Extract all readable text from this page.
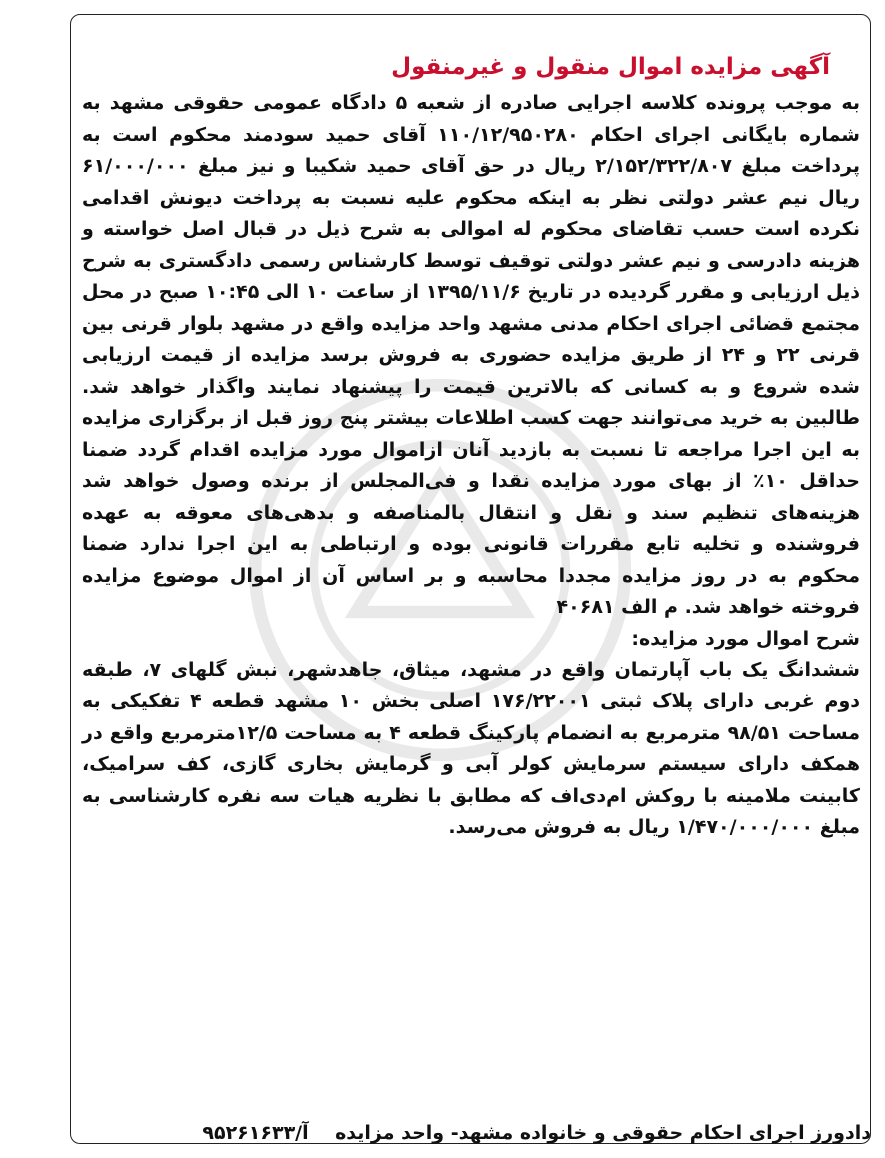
آگهی مزایده اموال منقول و غیرمنقول

به موجب پرونده کلاسه اجرایی صادره از شعبه ۵ دادگاه عمومی حقوقی مشهد به شماره بایگانی اجرای احکام ۱۱۰/۱۲/۹۵۰۲۸۰ آقای حمید سودمند محکوم است به پرداخت مبلغ ۲/۱۵۲/۳۲۲/۸۰۷ ریال در حق آقای حمید شکیبا و نیز مبلغ ۶۱/۰۰۰/۰۰۰ ریال نیم عشر دولتی نظر به اینکه محکوم علیه نسبت به پرداخت دیونش اقدامی نکرده است حسب تقاضای محکوم له اموالی به شرح ذیل در قبال اصل خواسته و هزینه دادرسی و نیم عشر دولتی توقیف توسط کارشناس رسمی دادگستری به شرح ذیل ارزیابی و مقرر گردیده در تاریخ ۱۳۹۵/۱۱/۶ از ساعت ۱۰ الی ۱۰:۴۵ صبح در محل مجتمع قضائی اجرای احکام مدنی مشهد واحد مزایده واقع در مشهد بلوار قرنی بین قرنی ۲۲ و ۲۴ از طریق مزایده حضوری به فروش برسد مزایده از قیمت ارزیابی شده شروع و به کسانی که بالاترین قیمت را پیشنهاد نمایند واگذار خواهد شد. طالبین به خرید می‌توانند جهت کسب اطلاعات بیشتر پنج روز قبل از برگزاری مزایده به این اجرا مراجعه تا نسبت به بازدید آنان ازاموال مورد مزایده اقدام گردد ضمنا حداقل ۱۰٪ از بهای مورد مزایده نقدا و فی‌المجلس از برنده وصول خواهد شد هزینه‌های تنظیم سند و نقل و انتقال بالمناصفه و بدهی‌های معوقه به عهده فروشنده و تخلیه تابع مقررات قانونی بوده و ارتباطی به این اجرا ندارد ضمنا محکوم به در روز مزایده مجددا محاسبه و بر اساس آن از اموال موضوع مزایده فروخته خواهد شد. م الف ۴۰۶۸۱

شرح اموال مورد مزایده:

ششدانگ یک باب آپارتمان واقع در مشهد، میثاق، جاهدشهر، نبش گلهای ۷، طبقه دوم غربی دارای پلاک ثبتی ۱۷۶/۲۲۰۰۱ اصلی بخش ۱۰ مشهد قطعه ۴ تفکیکی به مساحت ۹۸/۵۱ مترمربع به انضمام پارکینگ قطعه ۴ به مساحت ۱۲/۵مترمربع واقع در همکف دارای سیستم سرمایش کولر آبی و گرمایش بخاری گازی، کف سرامیک، کابینت ملامینه با روکش ام‌دی‌اف که مطابق با نظریه هیات سه نفره کارشناسی به مبلغ ۱/۴۷۰/۰۰۰/۰۰۰ ریال به فروش می‌رسد.

دادورز اجرای احکام حقوقی و خانواده مشهد- واحد مزایده    آ/۹۵۲۶۱۶۳۳
